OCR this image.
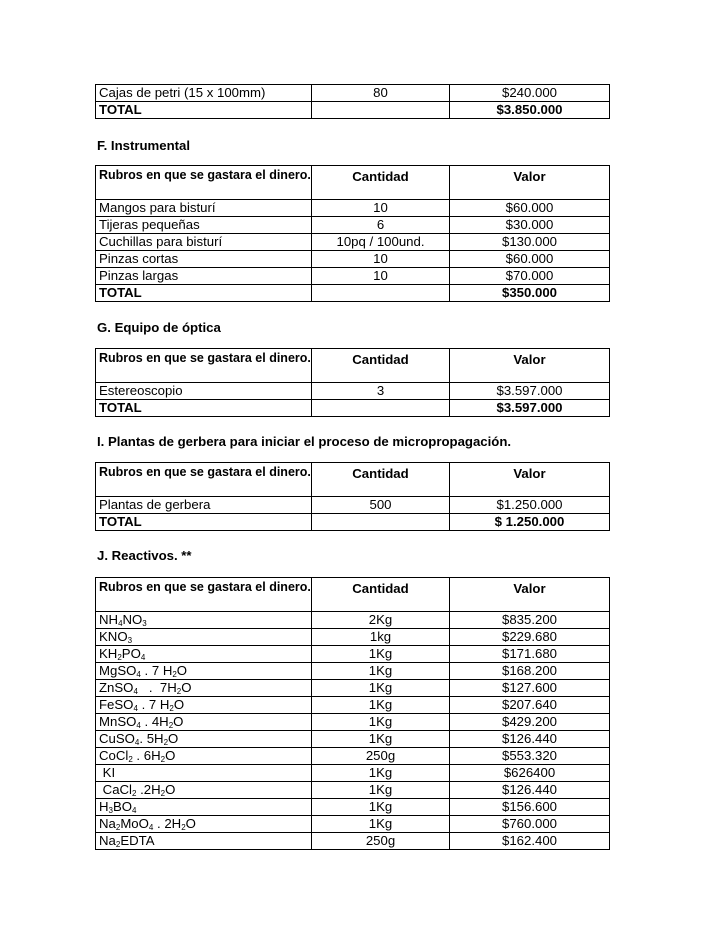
Cajas de petri (15 x 100mm)	80	$240.000
TOTAL		$3.850.000
F. Instrumental
Rubros en que se gastara el dinero.	Cantidad	Valor
Mangos para bisturí	10	$60.000
Tijeras pequeñas	6	$30.000
Cuchillas para bisturí	10pq / 100und.	$130.000
Pinzas cortas	10	$60.000
Pinzas largas	10	$70.000
TOTAL		$350.000
G. Equipo de óptica
Rubros en que se gastara el dinero.	Cantidad	Valor
Estereoscopio	3	$3.597.000
TOTAL		$3.597.000
I. Plantas de gerbera para iniciar el proceso de micropropagación.
Rubros en que se gastara el dinero.	Cantidad	Valor
Plantas de gerbera	500	$1.250.000
TOTAL		$ 1.250.000
J. Reactivos. **
Rubros en que se gastara el dinero.	Cantidad	Valor
$NH_4NO_3$	2Kg	$835.200
$KNO_3$	1kg	$229.680
$KH_2PO_4$	1Kg	$171.680
MgSO$_4$ . 7 $H_2O$	1Kg	$168.200
ZnSO$_4$   .  $7H_2O$	1Kg	$127.600
FeSO$_4$ . 7 $H_2O$	1Kg	$207.640
MnSO$_4$ . $4H_2O$	1Kg	$429.200
CuSO$_4$. $5H_2O$	1Kg	$126.440
CoCl$_2$ . $6H_2O$	250g	$553.320
KI	1Kg	$626400
CaCl$_2$ $.2H_2O$	1Kg	$126.440
$H_3BO_4$	1Kg	$156.600
$Na_2MoO_4$ . $2H_2O$	1Kg	$760.000
$Na_2EDTA$	250g	$162.400
